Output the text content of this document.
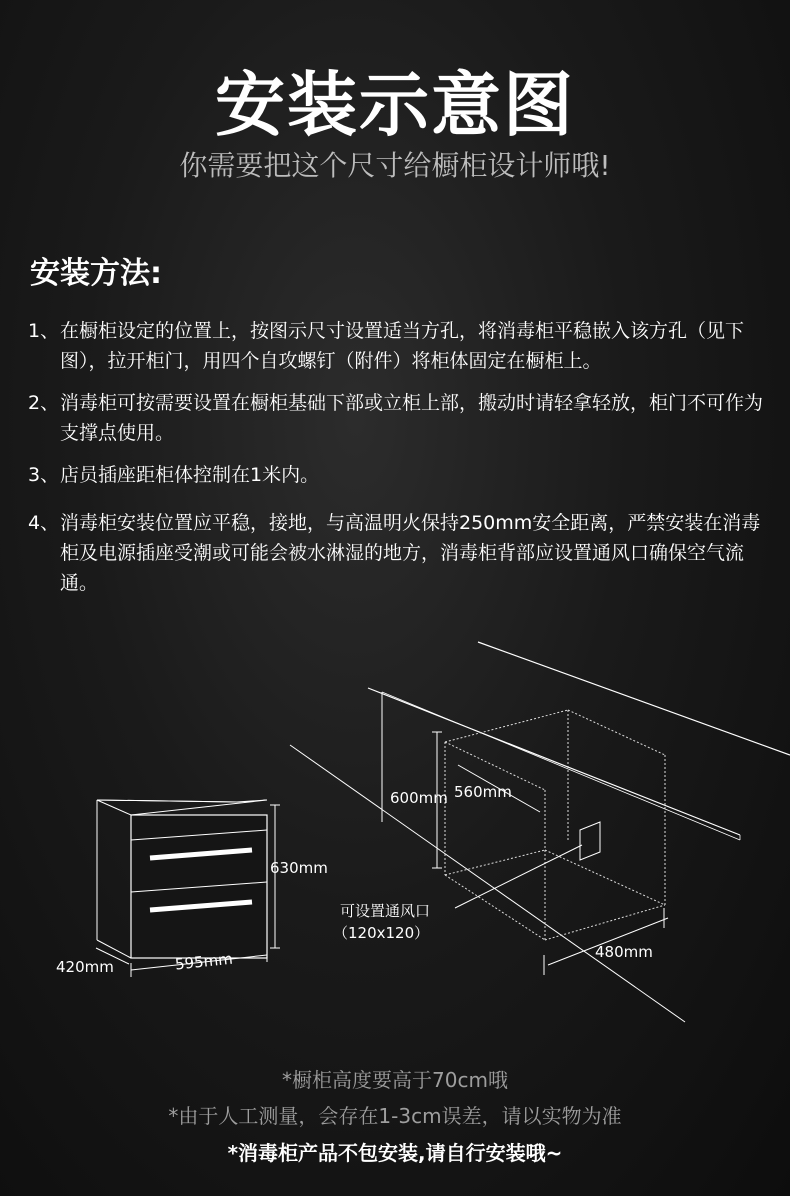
安装示意图
你需要把这个尺寸给橱柜设计师哦!
安装方法:
1、 在橱柜设定的位置上，按图示尺寸设置适当方孔，将消毒柜平稳嵌入该方孔（见下图），拉开柜门，用四个自攻螺钉（附件）将柜体固定在橱柜上。
2、 消毒柜可按需要设置在橱柜基础下部或立柜上部，搬动时请轻拿轻放，柜门不可作为支撑点使用。
3、 店员插座距柜体控制在1米内。
4、 消毒柜安装位置应平稳，接地，与高温明火保持250mm安全距离，严禁安装在消毒柜及电源插座受潮或可能会被水淋湿的地方，消毒柜背部应设置通风口确保空气流通。
600mm 560mm
480mm
可设置通风口
（120x120）
630mm
595mm
420mm
*橱柜高度要高于70cm哦
*由于人工测量，会存在1-3cm误差，请以实物为准
*消毒柜产品不包安装,请自行安装哦~
